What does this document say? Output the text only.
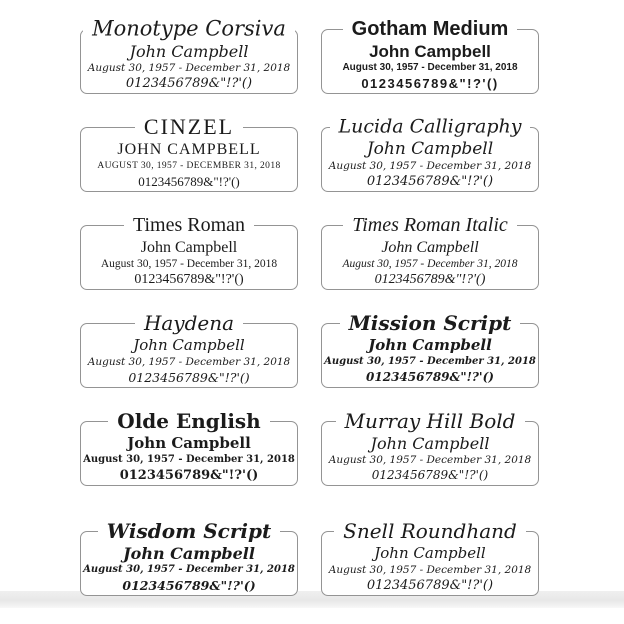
Monotype Corsiva
John Campbell
August 30, 1957 - December 31, 2018
0123456789&"!?'()
Gotham Medium
John Campbell
August 30, 1957 - December 31, 2018
0123456789&"!?'()
CINZEL
JOHN CAMPBELL
AUGUST 30, 1957 - DECEMBER 31, 2018
0123456789&"!?'()
Lucida Calligraphy
John Campbell
August 30, 1957 - December 31, 2018
0123456789&"!?'()
Times Roman
John Campbell
August 30, 1957 - December 31, 2018
0123456789&"!?'()
Times Roman Italic
John Campbell
August 30, 1957 - December 31, 2018
0123456789&"!?'()
Haydena
John Campbell
August 30, 1957 - December 31, 2018
0123456789&"!?'()
Mission Script
John Campbell
August 30, 1957 - December 31, 2018
0123456789&"!?'()
Olde English
John Campbell
August 30, 1957 - December 31, 2018
0123456789&"!?'()
Murray Hill Bold
John Campbell
August 30, 1957 - December 31, 2018
0123456789&"!?'()
Wisdom Script
John Campbell
August 30, 1957 - December 31, 2018
0123456789&"!?'()
Snell Roundhand
John Campbell
August 30, 1957 - December 31, 2018
0123456789&"!?'()
